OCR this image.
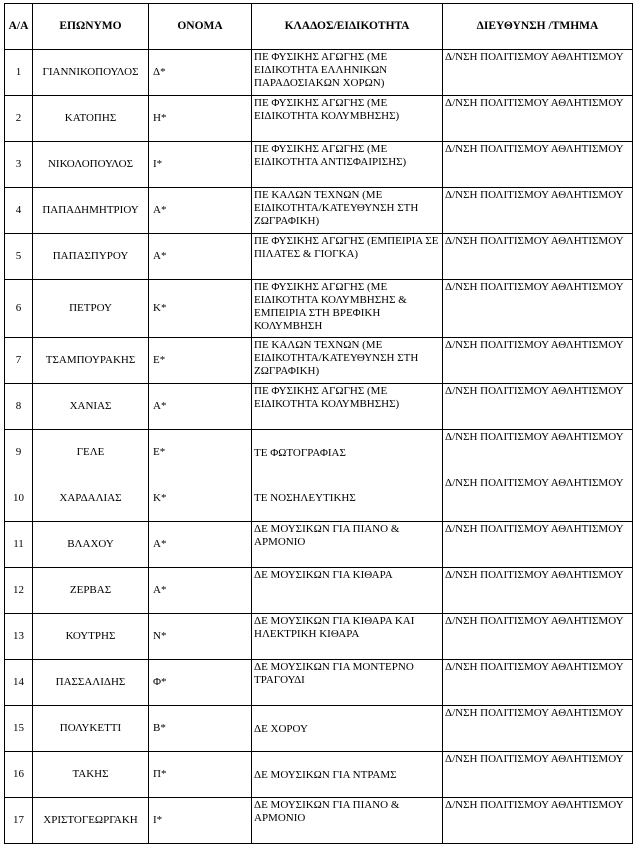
Α/Α	ΕΠΩΝΥΜΟ	ΟΝΟΜΑ	ΚΛΑΔΟΣ/ΕΙΔΙΚΟΤΗΤΑ	ΔΙΕΥΘΥΝΣΗ /ΤΜΗΜΑ
1	ΓΙΑΝΝΙΚΟΠΟΥΛΟΣ	Δ*	ΠΕ ΦΥΣΙΚΗΣ ΑΓΩΓΗΣ (ΜΕ ΕΙΔΙΚΟΤΗΤΑ ΕΛΛΗΝΙΚΩΝ ΠΑΡΑΔΟΣΙΑΚΩΝ ΧΟΡΩΝ)	Δ/ΝΣΗ ΠΟΛΙΤΙΣΜΟΥ ΑΘΛΗΤΙΣΜΟΥ
2	ΚΑΤΟΠΗΣ	Η*	ΠΕ ΦΥΣΙΚΗΣ ΑΓΩΓΗΣ (ΜΕ ΕΙΔΙΚΟΤΗΤΑ ΚΟΛΥΜΒΗΣΗΣ)	Δ/ΝΣΗ ΠΟΛΙΤΙΣΜΟΥ ΑΘΛΗΤΙΣΜΟΥ
3	ΝΙΚΟΛΟΠΟΥΛΟΣ	Ι*	ΠΕ ΦΥΣΙΚΗΣ ΑΓΩΓΗΣ (ΜΕ ΕΙΔΙΚΟΤΗΤΑ ΑΝΤΙΣΦΑΙΡΙΣΗΣ)	Δ/ΝΣΗ ΠΟΛΙΤΙΣΜΟΥ ΑΘΛΗΤΙΣΜΟΥ
4	ΠΑΠΑΔΗΜΗΤΡΙΟΥ	Α*	ΠΕ ΚΑΛΩΝ ΤΕΧΝΩΝ (ΜΕ ΕΙΔΙΚΟΤΗΤΑ/ΚΑΤΕΥΘΥΝΣΗ ΣΤΗ ΖΩΓΡΑΦΙΚΗ)	Δ/ΝΣΗ ΠΟΛΙΤΙΣΜΟΥ ΑΘΛΗΤΙΣΜΟΥ
5	ΠΑΠΑΣΠΥΡΟΥ	Α*	ΠΕ ΦΥΣΙΚΗΣ ΑΓΩΓΗΣ (ΕΜΠΕΙΡΙΑ ΣΕ ΠΙΛΑΤΕΣ & ΓΙΟΓΚΑ)	Δ/ΝΣΗ ΠΟΛΙΤΙΣΜΟΥ ΑΘΛΗΤΙΣΜΟΥ
6	ΠΕΤΡΟΥ	Κ*	ΠΕ ΦΥΣΙΚΗΣ ΑΓΩΓΗΣ (ΜΕ ΕΙΔΙΚΟΤΗΤΑ ΚΟΛΥΜΒΗΣΗΣ & ΕΜΠΕΙΡΙΑ ΣΤΗ ΒΡΕΦΙΚΗ ΚΟΛΥΜΒΗΣΗ	Δ/ΝΣΗ ΠΟΛΙΤΙΣΜΟΥ ΑΘΛΗΤΙΣΜΟΥ
7	ΤΣΑΜΠΟΥΡΑΚΗΣ	Ε*	ΠΕ ΚΑΛΩΝ ΤΕΧΝΩΝ (ΜΕ ΕΙΔΙΚΟΤΗΤΑ/ΚΑΤΕΥΘΥΝΣΗ ΣΤΗ ΖΩΓΡΑΦΙΚΗ)	Δ/ΝΣΗ ΠΟΛΙΤΙΣΜΟΥ ΑΘΛΗΤΙΣΜΟΥ
8	ΧΑΝΙΑΣ	Α*	ΠΕ ΦΥΣΙΚΗΣ ΑΓΩΓΗΣ (ΜΕ ΕΙΔΙΚΟΤΗΤΑ ΚΟΛΥΜΒΗΣΗΣ)	Δ/ΝΣΗ ΠΟΛΙΤΙΣΜΟΥ ΑΘΛΗΤΙΣΜΟΥ
9	ΓΕΛΕ	Ε*	ΤΕ ΦΩΤΟΓΡΑΦΙΑΣ	Δ/ΝΣΗ ΠΟΛΙΤΙΣΜΟΥ ΑΘΛΗΤΙΣΜΟΥ
10	ΧΑΡΔΑΛΙΑΣ	Κ*	ΤΕ ΝΟΣΗΛΕΥΤΙΚΗΣ	Δ/ΝΣΗ ΠΟΛΙΤΙΣΜΟΥ ΑΘΛΗΤΙΣΜΟΥ
11	ΒΛΑΧΟΥ	Α*	ΔΕ ΜΟΥΣΙΚΩΝ ΓΙΑ ΠΙΑΝΟ & ΑΡΜΟΝΙΟ	Δ/ΝΣΗ ΠΟΛΙΤΙΣΜΟΥ ΑΘΛΗΤΙΣΜΟΥ
12	ΖΕΡΒΑΣ	Α*	ΔΕ ΜΟΥΣΙΚΩΝ ΓΙΑ ΚΙΘΑΡΑ	Δ/ΝΣΗ ΠΟΛΙΤΙΣΜΟΥ ΑΘΛΗΤΙΣΜΟΥ
13	ΚΟΥΤΡΗΣ	Ν*	ΔΕ ΜΟΥΣΙΚΩΝ ΓΙΑ ΚΙΘΑΡΑ ΚΑΙ ΗΛΕΚΤΡΙΚΗ ΚΙΘΑΡΑ	Δ/ΝΣΗ ΠΟΛΙΤΙΣΜΟΥ ΑΘΛΗΤΙΣΜΟΥ
14	ΠΑΣΣΑΛΙΔΗΣ	Φ*	ΔΕ ΜΟΥΣΙΚΩΝ ΓΙΑ ΜΟΝΤΕΡΝΟ ΤΡΑΓΟΥΔΙ	Δ/ΝΣΗ ΠΟΛΙΤΙΣΜΟΥ ΑΘΛΗΤΙΣΜΟΥ
15	ΠΟΛΥΚΕΤΤΙ	Β*	ΔΕ ΧΟΡΟΥ	Δ/ΝΣΗ ΠΟΛΙΤΙΣΜΟΥ ΑΘΛΗΤΙΣΜΟΥ
16	ΤΑΚΗΣ	Π*	ΔΕ ΜΟΥΣΙΚΩΝ ΓΙΑ ΝΤΡΑΜΣ	Δ/ΝΣΗ ΠΟΛΙΤΙΣΜΟΥ ΑΘΛΗΤΙΣΜΟΥ
17	ΧΡΙΣΤΟΓΕΩΡΓΑΚΗ	Ι*	ΔΕ ΜΟΥΣΙΚΩΝ ΓΙΑ ΠΙΑΝΟ & ΑΡΜΟΝΙΟ	Δ/ΝΣΗ ΠΟΛΙΤΙΣΜΟΥ ΑΘΛΗΤΙΣΜΟΥ
